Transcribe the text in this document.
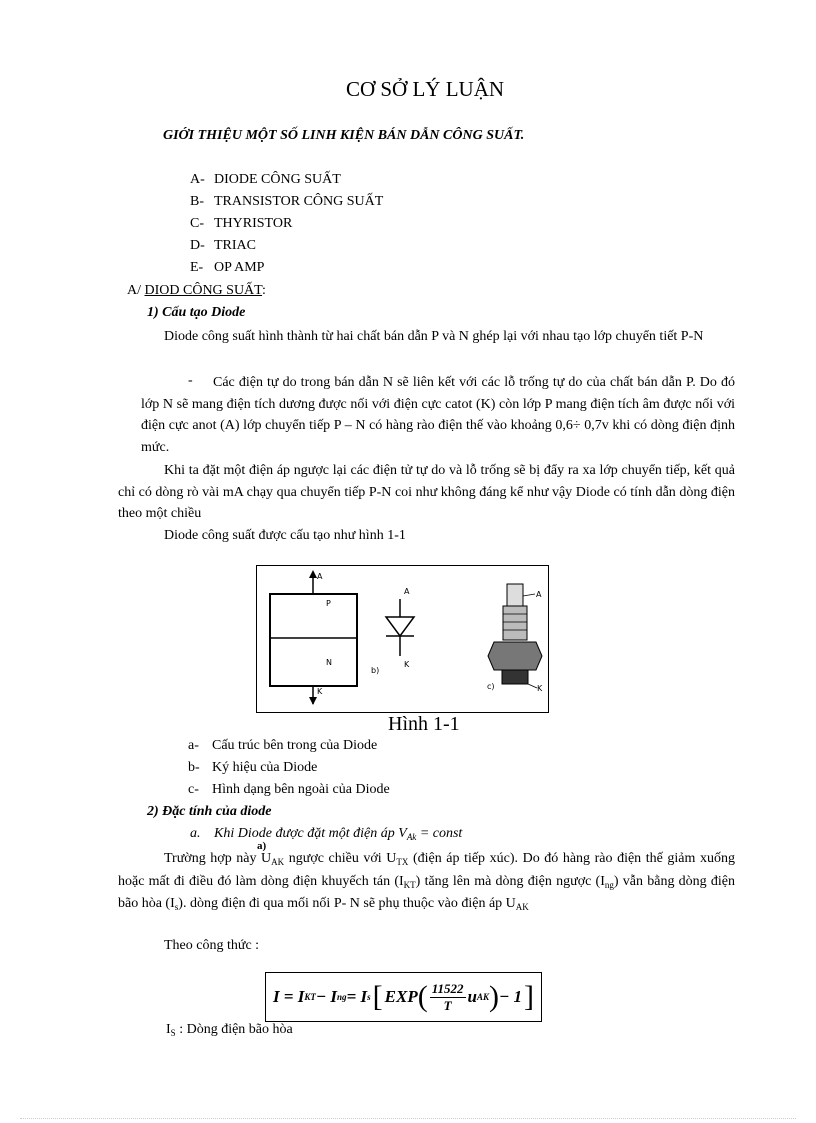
CƠ SỞ LÝ LUẬN
GIỚI THIỆU MỘT SỐ LINH KIỆN BÁN DẪN CÔNG SUẤT.
A- DIODE CÔNG SUẤT
B- TRANSISTOR CÔNG SUẤT
C- THYRISTOR
D- TRIAC
E- OP AMP
A/ DIOD CÔNG SUẤT:
1) Cấu tạo Diode
Diode công suất hình thành từ hai chất bán dẫn P và N ghép lại với nhau tạo lớp chuyển tiết P-N
-	Các điện tự do trong bán dẫn N sẽ liên kết với các lỗ trống tự do của chất bán dẫn P. Do đó lớp N sẽ mang điện tích dương được nối với điện cực catot (K) còn lớp P mang điện tích âm được nối với điện cực anot (A) lớp chuyển tiếp P – N có hàng rào điện thế vào khoảng 0,6÷ 0,7v khi có dòng điện định mức.
Khi ta đặt một điện áp ngược lại các điện tử tự do và lỗ trống sẽ bị đẩy ra xa lớp chuyển tiếp, kết quả chỉ có dòng rò vài mA chạy qua chuyển tiếp P-N coi như không đáng kể như vậy Diode có tính dẫn dòng điện theo một chiều
Diode công suất được cấu tạo như hình 1-1
A
P
N
K
A
K
b)
A
K
c)
Hình 1-1
a- Cấu trúc bên trong của Diode
b- Ký hiệu của Diode
c- Hình dạng bên ngoài của Diode
2) Đặc tính của diode
a. Khi Diode được đặt một điện áp $V_{Ak}$ = const
a)
Trường hợp này $U_{AK}$ ngược chiều với $U_{TX}$ (điện áp tiếp xúc). Do đó hàng rào điện thế giảm xuống hoặc mất đi điều đó làm dòng điện khuyếch tán $(I_{KT})$ tăng lên mà dòng điện ngược $(I_{ng})$ vẫn bằng dòng điện bão hòa $(I_s)$. dòng điện đi qua mối nối P- N sẽ phụ thuộc vào điện áp $U_{AK}$
Theo công thức :
I = I KT − I ng = I s [ EXP ( 11522
T u AK ) − 1 ]
$I_S$ : Dòng điện bão hòa
